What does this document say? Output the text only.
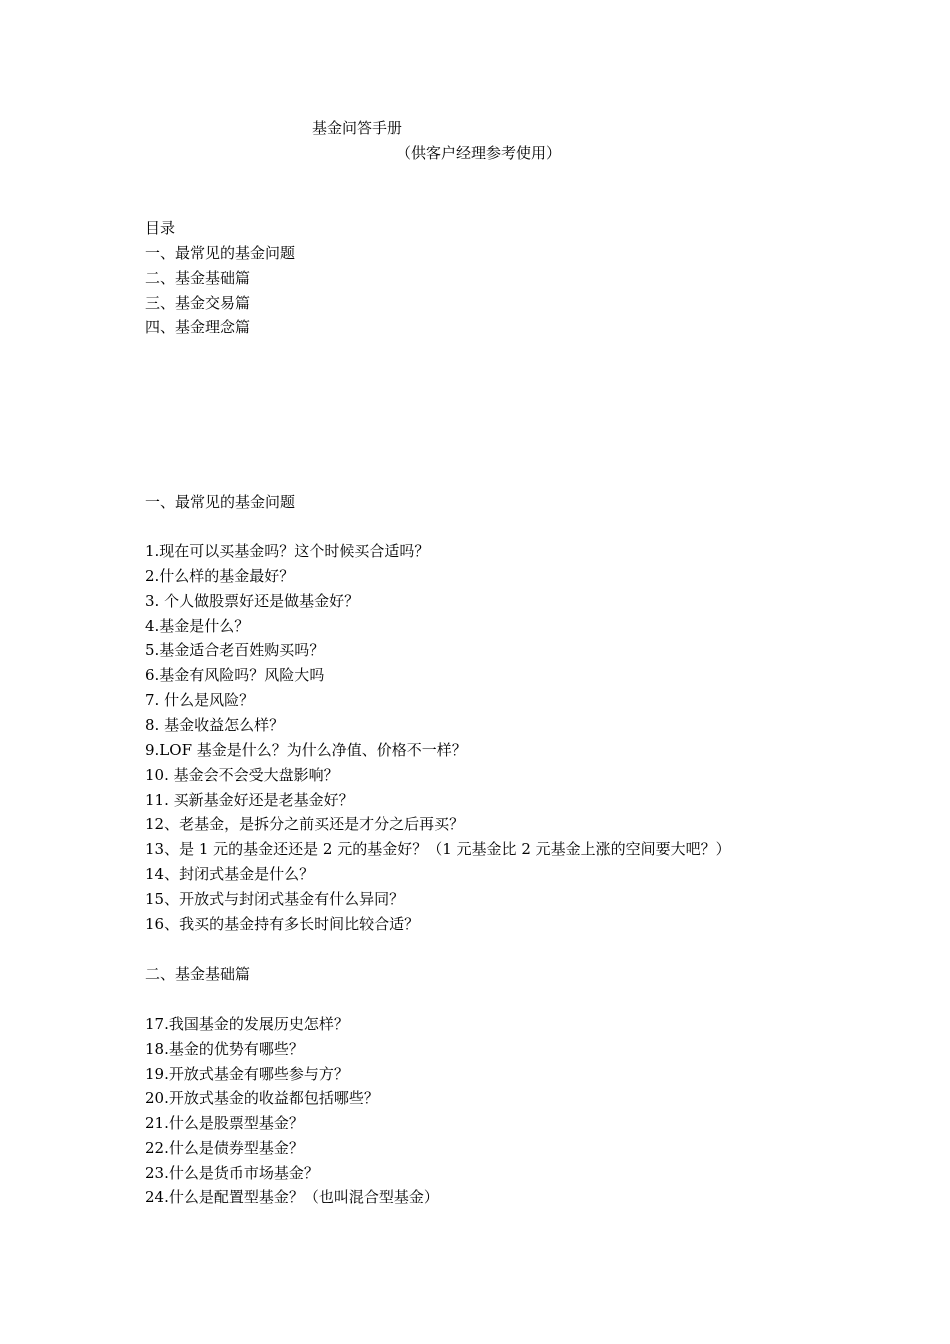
基金问答手册
（供客户经理参考使用）
目录
一、最常见的基金问题
二、基金基础篇
三、基金交易篇
四、基金理念篇
一、最常见的基金问题
1.现在可以买基金吗？这个时候买合适吗？
2.什么样的基金最好？
3. 个人做股票好还是做基金好？
4.基金是什么？
5.基金适合老百姓购买吗？
6.基金有风险吗？风险大吗
7. 什么是风险？
8. 基金收益怎么样？
9.LOF 基金是什么？为什么净值、价格不一样？
10. 基金会不会受大盘影响？
11. 买新基金好还是老基金好？
12、老基金，是拆分之前买还是才分之后再买？
13、是 1 元的基金还还是 2 元的基金好？（1 元基金比 2 元基金上涨的空间要大吧？）
14、封闭式基金是什么？
15、开放式与封闭式基金有什么异同？
16、我买的基金持有多长时间比较合适？
二、基金基础篇
17.我国基金的发展历史怎样？
18.基金的优势有哪些？
19.开放式基金有哪些参与方？
20.开放式基金的收益都包括哪些？
21.什么是股票型基金？
22.什么是债券型基金？
23.什么是货币市场基金？
24.什么是配置型基金？（也叫混合型基金）
